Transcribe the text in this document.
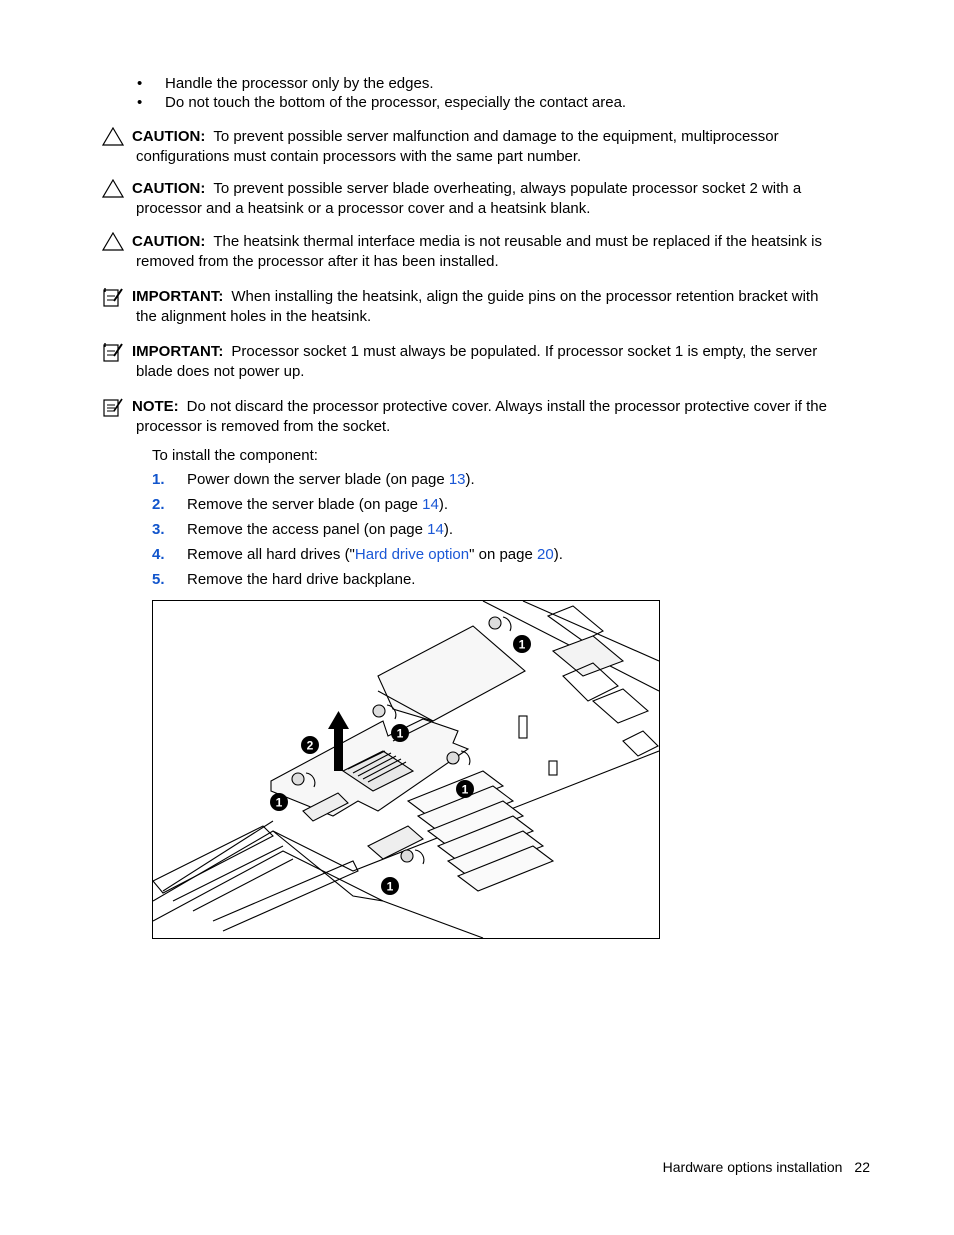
• Handle the processor only by the edges.
• Do not touch the bottom of the processor, especially the contact area.
CAUTION: To prevent possible server malfunction and damage to the equipment, multiprocessor
configurations must contain processors with the same part number.
CAUTION: To prevent possible server blade overheating, always populate processor socket 2 with a
processor and a heatsink or a processor cover and a heatsink blank.
CAUTION: The heatsink thermal interface media is not reusable and must be replaced if the heatsink is
removed from the processor after it has been installed.
IMPORTANT: When installing the heatsink, align the guide pins on the processor retention bracket with
the alignment holes in the heatsink.
IMPORTANT: Processor socket 1 must always be populated. If processor socket 1 is empty, the server
blade does not power up.
NOTE: Do not discard the processor protective cover. Always install the processor protective cover if the
processor is removed from the socket.
To install the component:
1. Power down the server blade (on page 13).
2. Remove the server blade (on page 14).
3. Remove the access panel (on page 14).
4. Remove all hard drives ("Hard drive option" on page 20).
5. Remove the hard drive backplane.
1
1
1
1
1
2
Hardware options installation 22
